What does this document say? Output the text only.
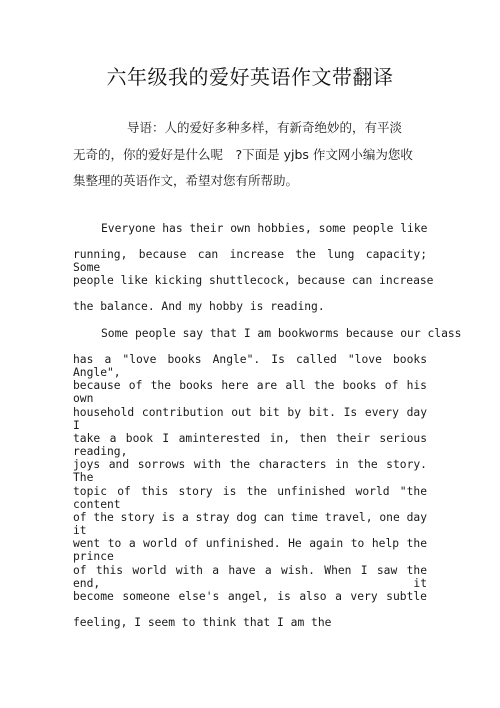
六年级我的爱好英语作文带翻译
导语：人的爱好多种多样，有新奇绝妙的，有平淡
无奇的，你的爱好是什么呢　?下面是 yjbs 作文网小编为您收
集整理的英语作文，希望对您有所帮助。
Everyone has their own hobbies, some people like
running, because can increase the lung capacity; Some
people like kicking shuttlecock, because can increase
the balance. And my hobby is reading.
Some people say that I am bookworms because our class
has a "love books Angle". Is called "love books Angle",
because of the books here are all the books of his own
household contribution out bit by bit. Is every day I
take a book I aminterested in, then their serious reading,
joys and sorrows with the characters in the story. The
topic of this story is the unfinished world "the content
of the story is a stray dog can time travel, one day it
went to a world of unfinished. He again to help the prince
of this world with a have a wish. When I saw the end, it
become someone else's angel, is also a very subtle
feeling, I seem to think that I am the
